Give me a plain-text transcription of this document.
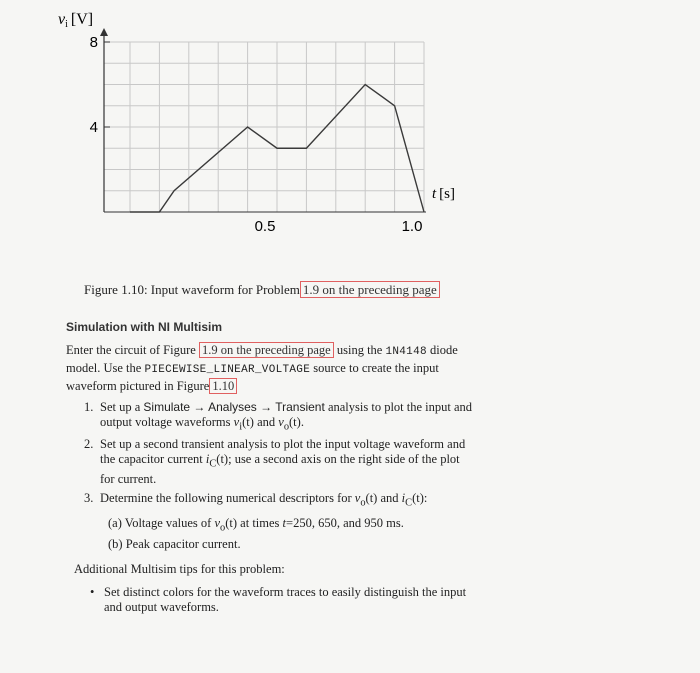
8
4
0.5	1.0
vi [V]
t [s]
Figure 1.10: Input waveform for Problem 1.9 on the preceding page
Simulation with NI Multisim
Enter the circuit of Figure 1.9 on the preceding page using the 1N4148 diode model. Use the PIECEWISE_LINEAR_VOLTAGE source to create the input waveform pictured in Figure 1.10
1. Set up a Simulate → Analyses → Transient analysis to plot the input and output voltage waveforms $v_i(t)$ and $v_o(t)$.
2. Set up a second transient analysis to plot the input voltage waveform and the capacitor current $i_C(t)$; use a second axis on the right side of the plot for current.
3. Determine the following numerical descriptors for $v_o(t)$ and $i_C(t)$:
(a) Voltage values of $v_o(t)$ at times t=250, 650, and 950 ms.
(b) Peak capacitor current.
Additional Multisim tips for this problem:
• Set distinct colors for the waveform traces to easily distinguish the input and output waveforms.
